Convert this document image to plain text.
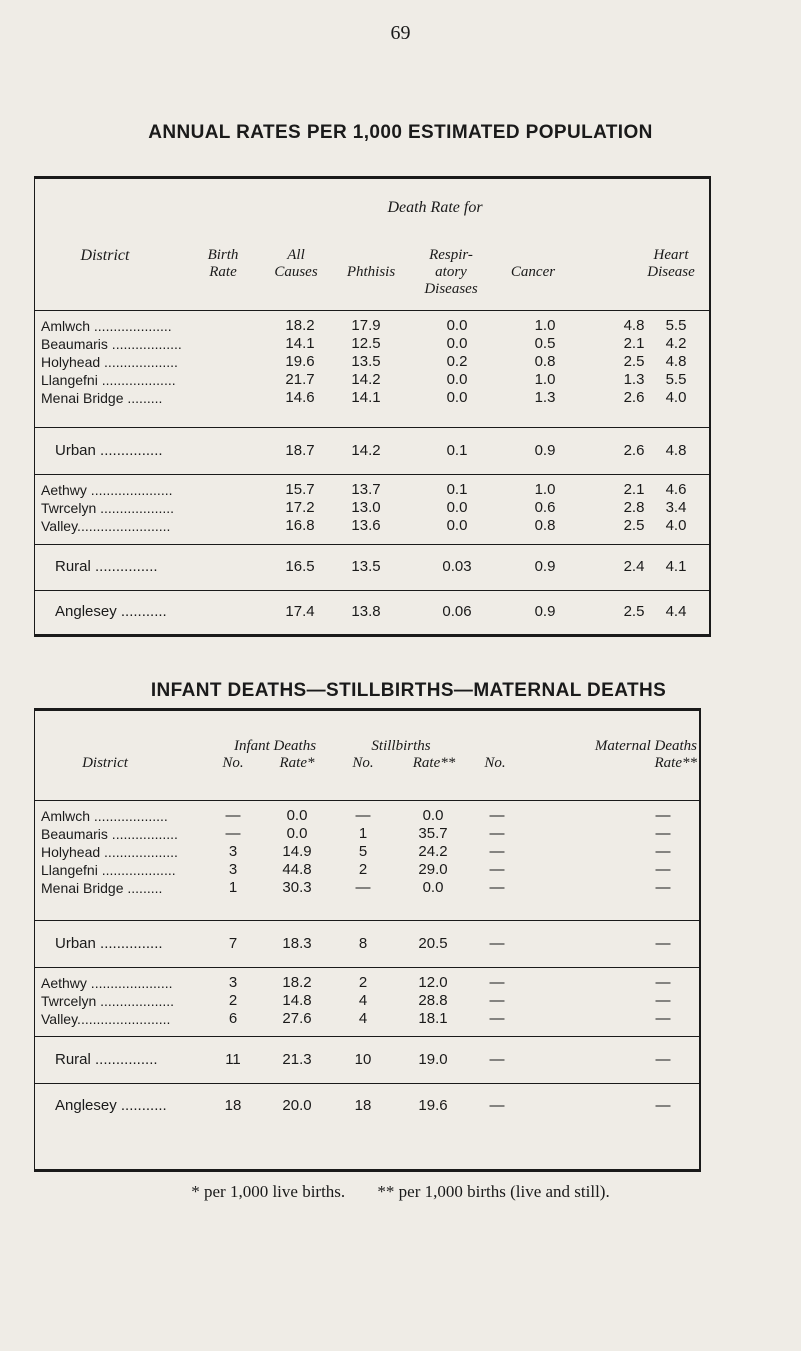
69
ANNUAL RATES PER 1,000 ESTIMATED POPULATION
Death Rate for
District	Birth
Rate
All
Causes	Phthisis
Respir-
atory
Diseases
Cancer
Heart
Disease
Amlwch ....................	18.2	17.9	0.0	1.0	4.8	5.5
Beaumaris ..................	14.1	12.5	0.0	0.5	2.1	4.2
Holyhead ...................	19.6	13.5	0.2	0.8	2.5	4.8
Llangefni ...................	21.7	14.2	0.0	1.0	1.3	5.5
Menai Bridge .........	14.6	14.1	0.0	1.3	2.6	4.0
Urban ...............	18.7	14.2	0.1	0.9	2.6	4.8
Aethwy .....................	15.7	13.7	0.1	1.0	2.1	4.6
Twrcelyn ...................	17.2	13.0	0.0	0.6	2.8	3.4
Valley........................	16.8	13.6	0.0	0.8	2.5	4.0
Rural ...............	16.5	13.5	0.03	0.9	2.4	4.1
Anglesey ...........	17.4	13.8	0.06	0.9	2.5	4.4
INFANT DEATHS—STILLBIRTHS—MATERNAL DEATHS
District
Infant Deaths	Stillbirths	Maternal Deaths
No.	Rate*	No.	Rate**	No.	Rate**
Amlwch ...................	—	0.0	—	0.0	—	—
Beaumaris .................	—	0.0	1	35.7	—	—
Holyhead ...................	3	14.9	5	24.2	—	—
Llangefni ...................	3	44.8	2	29.0	—	—
Menai Bridge .........	1	30.3	—	0.0	—	—
Urban ...............	7	18.3	8	20.5	—	—
Aethwy .....................	3	18.2	2	12.0	—	—
Twrcelyn ...................	2	14.8	4	28.8	—	—
Valley........................	6	27.6	4	18.1	—	—
Rural ...............	11	21.3	10	19.0	—	—
Anglesey ...........	18	20.0	18	19.6	—	—
* per 1,000 live births. ** per 1,000 births (live and still).
